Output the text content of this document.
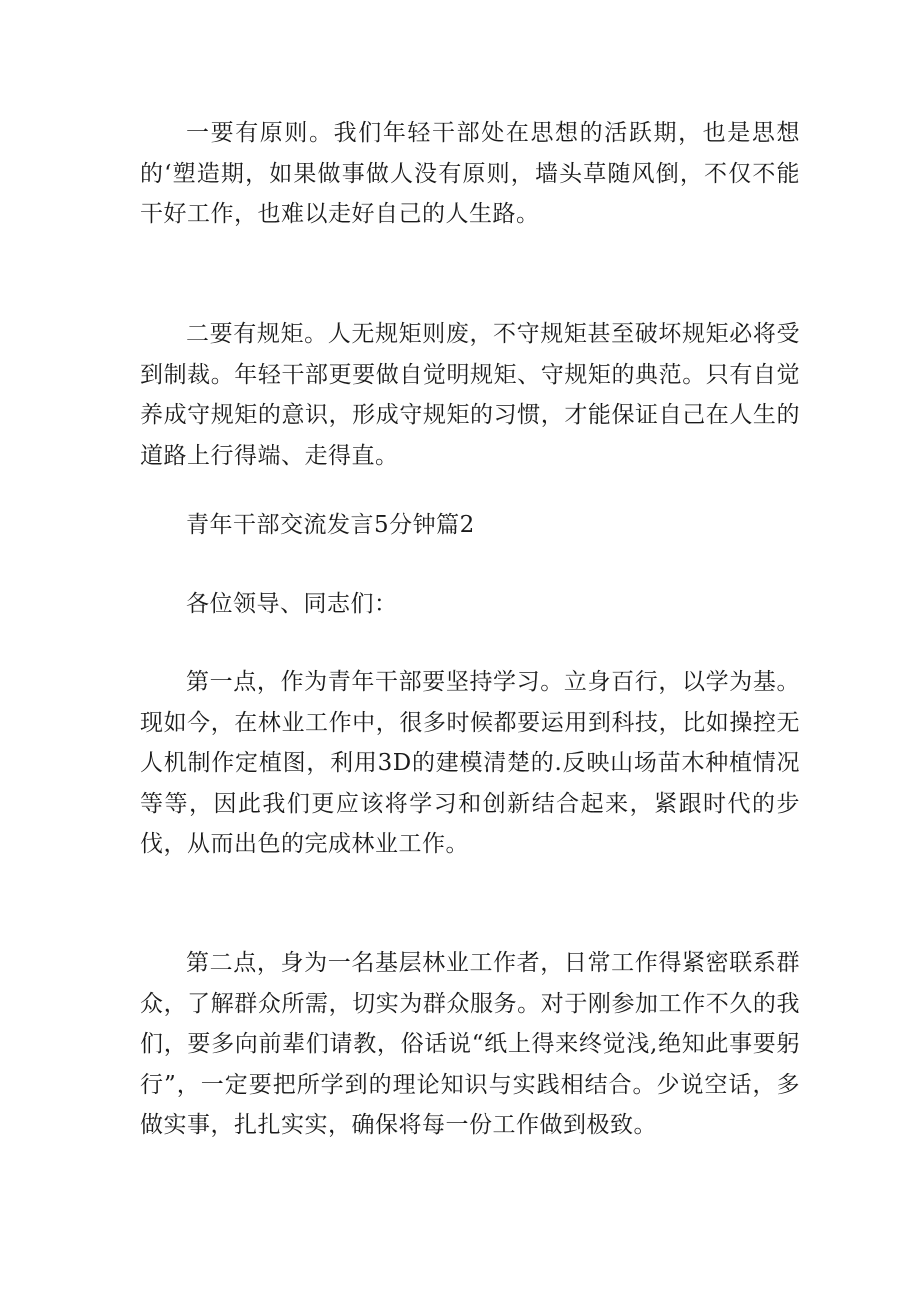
一要有原则。我们年轻干部处在思想的活跃期，也是思想的‘塑造期，如果做事做人没有原则，墙头草随风倒，不仅不能干好工作，也难以走好自己的人生路。

二要有规矩。人无规矩则废，不守规矩甚至破坏规矩必将受到制裁。年轻干部更要做自觉明规矩、守规矩的典范。只有自觉养成守规矩的意识，形成守规矩的习惯，才能保证自己在人生的道路上行得端、走得直。

青年干部交流发言5分钟篇2

各位领导、同志们：

第一点，作为青年干部要坚持学习。立身百行，以学为基。现如今，在林业工作中，很多时候都要运用到科技，比如操控无人机制作定植图，利用3D的建模清楚的.反映山场苗木种植情况等等，因此我们更应该将学习和创新结合起来，紧跟时代的步伐，从而出色的完成林业工作。

第二点，身为一名基层林业工作者，日常工作得紧密联系群众，了解群众所需，切实为群众服务。对于刚参加工作不久的我们，要多向前辈们请教，俗话说“纸上得来终觉浅,绝知此事要躬行”，一定要把所学到的理论知识与实践相结合。少说空话，多做实事，扎扎实实，确保将每一份工作做到极致。
